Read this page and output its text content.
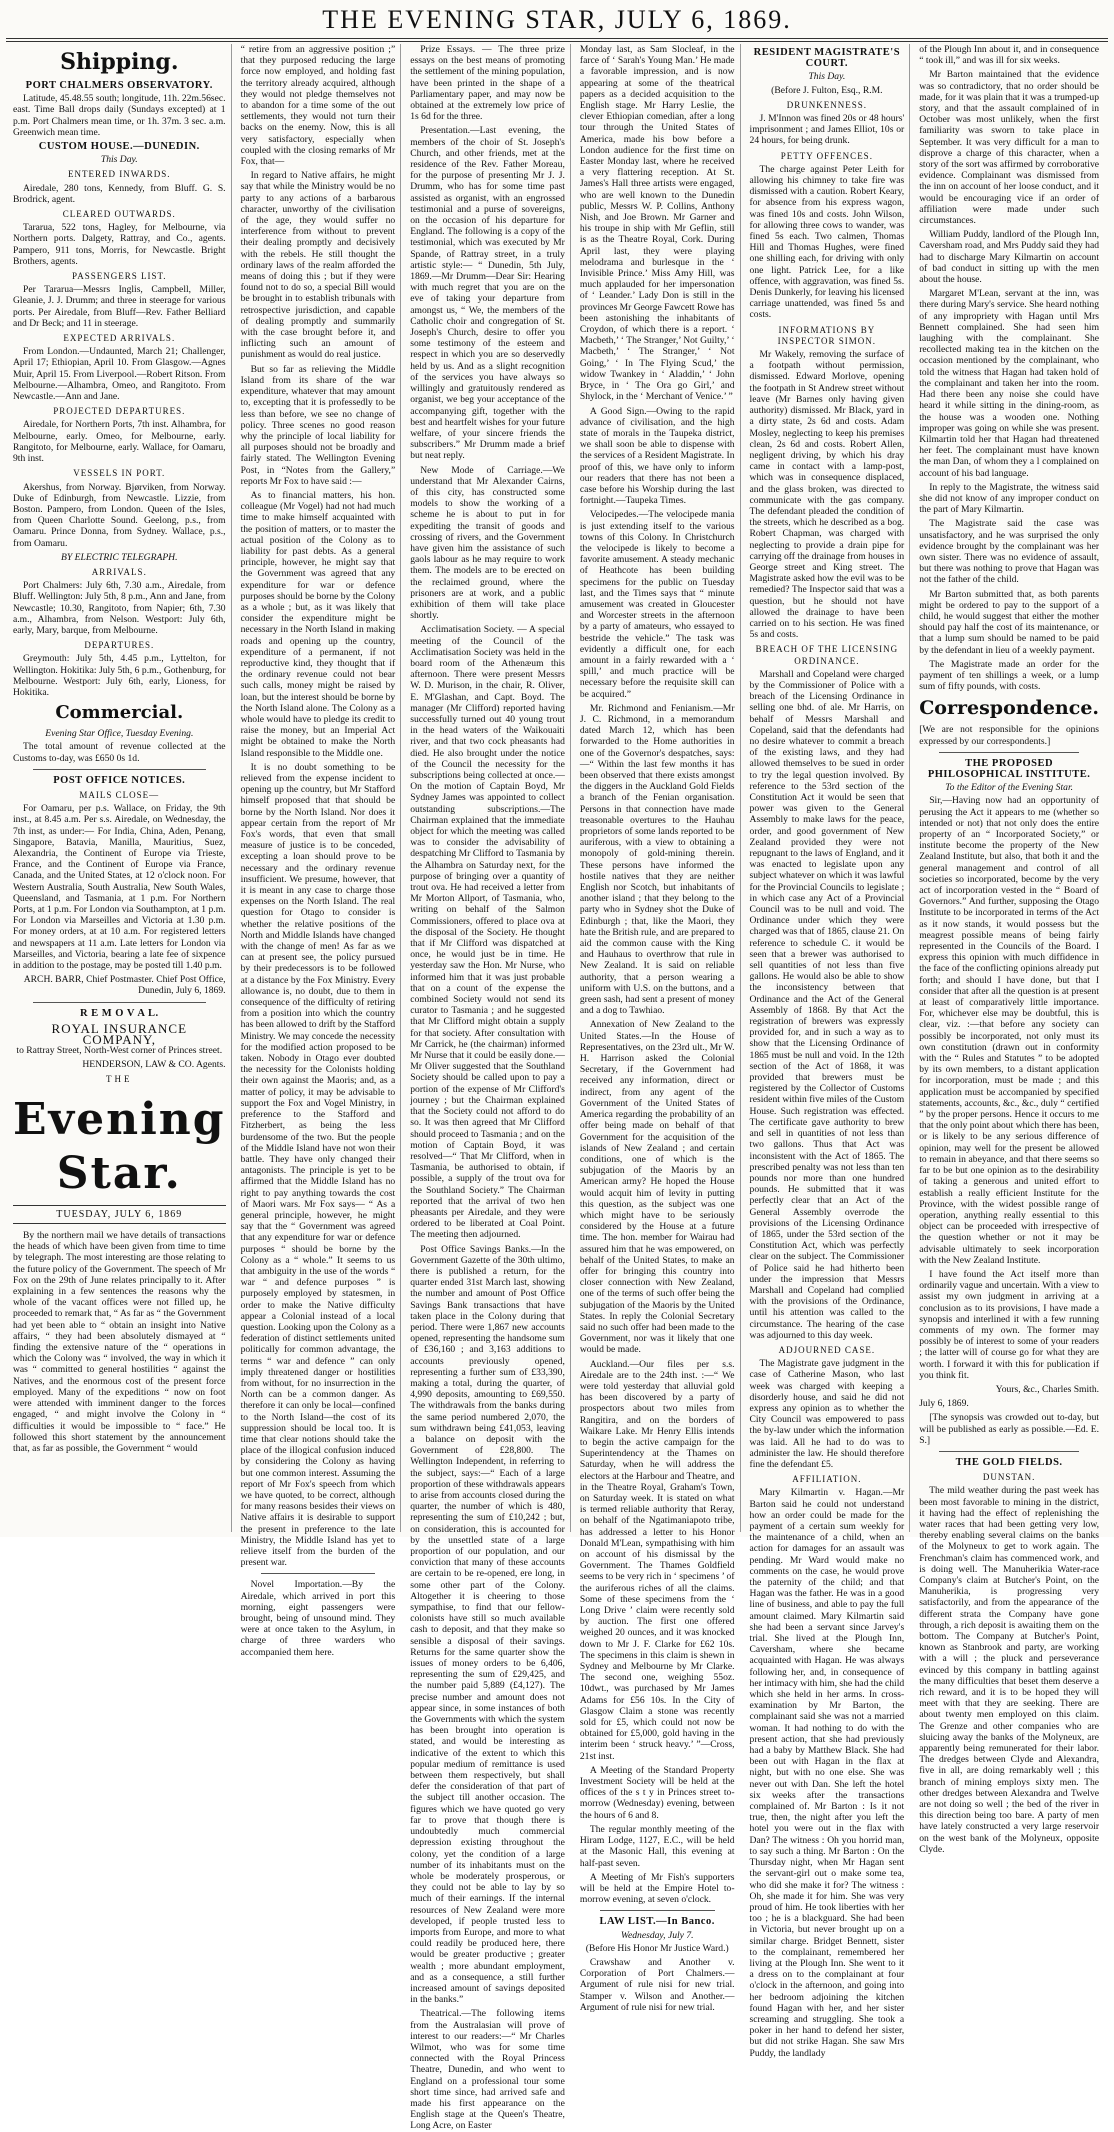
THE EVENING STAR, JULY 6, 1869.
Shipping.
PORT CHALMERS OBSERVATORY.

Latitude, 45.48.55 south; longitude, 11h. 22m.56sec. east. Time Ball drops daily (Sundays excepted) at 1 p.m. Port Chalmers mean time, or 1h. 37m. 3 sec. a.m. Greenwich mean time.

CUSTOM HOUSE.—DUNEDIN.
This Day.
ENTERED INWARDS.

Airedale, 280 tons, Kennedy, from Bluff. G. S. Brodrick, agent.

CLEARED OUTWARDS.

Tararua, 522 tons, Hagley, for Melbourne, via Northern ports. Dalgety, Rattray, and Co., agents. Pampero, 911 tons, Morris, for Newcastle. Bright Brothers, agents.

PASSENGERS LIST.

Per Tararua—Messrs Inglis, Campbell, Miller, Gleanie, J. J. Drumm; and three in steerage for various ports. Per Airedale, from Bluff—Rev. Father Belliard and Dr Beck; and 11 in steerage.

EXPECTED ARRIVALS.

From London.—Undaunted, March 21; Challenger, April 17; Ethiopian, April 10. From Glasgow.—Agnes Muir, April 15. From Liverpool.—Robert Ritson. From Melbourne.—Alhambra, Omeo, and Rangitoto. From Newcastle.—Ann and Jane.

PROJECTED DEPARTURES.

Airedale, for Northern Ports, 7th inst. Alhambra, for Melbourne, early. Omeo, for Melbourne, early. Rangitoto, for Melbourne, early. Wallace, for Oamaru, 9th inst.

VESSELS IN PORT.

Akershus, from Norway. Bjørviken, from Norway. Duke of Edinburgh, from Newcastle. Lizzie, from Boston. Pampero, from London. Queen of the Isles, from Queen Charlotte Sound. Geelong, p.s., from Oamaru. Prince Donna, from Sydney. Wallace, p.s., from Oamaru.

BY ELECTRIC TELEGRAPH.
ARRIVALS.

Port Chalmers: July 6th, 7.30 a.m., Airedale, from Bluff. Wellington: July 5th, 8 p.m., Ann and Jane, from Newcastle; 10.30, Rangitoto, from Napier; 6th, 7.30 a.m., Alhambra, from Nelson. Westport: July 6th, early, Mary, barque, from Melbourne.

DEPARTURES.

Greymouth: July 5th, 4.45 p.m., Lyttelton, for Wellington. Hokitika: July 5th, 6 p.m., Gothenburg, for Melbourne. Westport: July 6th, early, Lioness, for Hokitika.

Commercial.
Evening Star Office, Tuesday Evening.

The total amount of revenue collected at the Customs to-day, was £650 0s 1d.

POST OFFICE NOTICES.
MAILS CLOSE—

For Oamaru, per p.s. Wallace, on Friday, the 9th inst., at 8.45 a.m. Per s.s. Airedale, on Wednesday, the 7th inst, as under:— For India, China, Aden, Penang, Singapore, Batavia, Manilla, Mauritius, Suez, Alexandria, the Continent of Europe via Trieste, France, and the Continent of Europe via France, Canada, and the United States, at 12 o'clock noon. For Western Australia, South Australia, New South Wales, Queensland, and Tasmania, at 1 p.m. For Northern Ports, at 1 p.m. For London via Southampton, at 1 p.m. For London via Marseilles and Victoria at 1.30 p.m. For money orders, at at 10 a.m. For registered letters and newspapers at 11 a.m. Late letters for London via Marseilles, and Victoria, bearing a late fee of sixpence in addition to the postage, may be posted till 1.40 p.m.

ARCH. BARR, Chief Postmaster. Chief Post Office, Dunedin, July 6, 1869.

R E M O V A L.
ROYAL INSURANCE COMPANY,

to Rattray Street, North-West corner of Princes street.

HENDERSON, LAW & CO. Agents.

THE
Evening Star.
TUESDAY, JULY 6, 1869

By the northern mail we have details of transactions the heads of which have been given from time to time by telegraph. The most interesting are those relating to the future policy of the Government. The speech of Mr Fox on the 29th of June relates principally to it. After explaining in a few sentences the reasons why the whole of the vacant offices were not filled up, he proceeded to remark that, “ As far as “ the Government had yet been able to “ obtain an insight into Native affairs, “ they had been absolutely dismayed at “ finding the extensive nature of the “ operations in which the Colony was “ involved, the way in which it was “ committed to general hostilities “ against the Natives, and the enormous cost of the present force employed. Many of the expeditions “ now on foot were attended with imminent danger to the forces engaged, “ and might involve the Colony in “ difficulties it would be impossible to “ face.” He followed this short statement by the announcement that, as far as possible, the Government “ would

“ retire from an aggressive position ;” that they purposed reducing the large force now employed, and holding fast the territory already acquired, although they would not pledge themselves not to abandon for a time some of the out settlements, they would not turn their backs on the enemy. Now, this is all very satisfactory, especially when coupled with the closing remarks of Mr Fox, that—

In regard to Native affairs, he might say that while the Ministry would be no party to any actions of a barbarous character, unworthy of the civilisation of the age, they would suffer no interference from without to prevent their dealing promptly and decisively with the rebels. He still thought the ordinary laws of the realm afforded the means of doing this ; but if they were found not to do so, a special Bill would be brought in to establish tribunals with retrospective jurisdiction, and capable of dealing promptly and summarily with the case brought before it, and inflicting such an amount of punishment as would do real justice.

But so far as relieving the Middle Island from its share of the war expenditure, whatever that may amount to, excepting that it is professedly to be less than before, we see no change of policy. Three scenes no good reason why the principle of local liability for all purposes should not be broadly and fairly stated. The Wellington Evening Post, in “Notes from the Gallery,” reports Mr Fox to have said :—

As to financial matters, his hon. colleague (Mr Vogel) had not had much time to make himself acquainted with the position of matters, or to master the actual position of the Colony as to liability for past debts. As a general principle, however, he might say that the Government was agreed that any expenditure for war or defence purposes should be borne by the Colony as a whole ; but, as it was likely that consider the expenditure might be necessary in the North Island in making roads and opening up the country, expenditure of a permanent, if not reproductive kind, they thought that if the ordinary revenue could not bear such calls, money might be raised by loan, but the interest should be borne by the North Island alone. The Colony as a whole would have to pledge its credit to raise the money, but an Imperial Act might be obtained to make the North Island responsible to the Middle one.

It is no doubt something to be relieved from the expense incident to opening up the country, but Mr Stafford himself proposed that that should be borne by the North Island. Nor does it appear certain from the report of Mr Fox's words, that even that small measure of justice is to be conceded, excepting a loan should prove to be necessary and the ordinary revenue insufficient. We presume, however, that it is meant in any case to charge those expenses on the North Island. The real question for Otago to consider is whether the relative positions of the North and Middle Islands have changed with the change of men! As far as we can at present see, the policy pursued by their predecessors is to be followed at a distance by the Fox Ministry. Every allowance is, no doubt, due to them in consequence of the difficulty of retiring from a position into which the country has been allowed to drift by the Stafford Ministry. We may concede the necessity for the modified action proposed to be taken. Nobody in Otago ever doubted the necessity for the Colonists holding their own against the Maoris; and, as a matter of policy, it may be advisable to support the Fox and Vogel Ministry, in preference to the Stafford and Fitzherbert, as being the less burdensome of the two. But the people of the Middle Island have not won their battle. They have only changed their antagonists. The principle is yet to be affirmed that the Middle Island has no right to pay anything towards the cost of Maori wars. Mr Fox says— “ As a general principle, however, he might say that the “ Government was agreed that any expenditure for war or defence purposes “ should be borne by the Colony as a “ whole.” It seems to us that ambiguity in the use of the words “ war “ and defence purposes ” is purposely employed by statesmen, in order to make the Native difficulty appear a Colonial instead of a local question. Looking upon the Colony as a federation of distinct settlements united politically for common advantage, the terms “ war and defence ” can only imply threatened danger or hostilities from without, for no insurrection in the North can be a common danger. As therefore it can only be local—confined to the North Island—the cost of its suppression should be local too. It is time that clear notions should take the place of the illogical confusion induced by considering the Colony as having but one common interest. Assuming the report of Mr Fox's speech from which we have quoted, to be correct, although for many reasons besides their views on Native affairs it is desirable to support the present in preference to the late Ministry, the Middle Island has yet to relieve itself from the burden of the present war.

Novel Importation.—By the Airedale, which arrived in port this morning, eight passengers were brought, being of unsound mind. They were at once taken to the Asylum, in charge of three warders who accompanied them here.

Prize Essays. — The three prize essays on the best means of promoting the settlement of the mining population, have been printed in the shape of a Parliamentary paper, and may now be obtained at the extremely low price of 1s 6d for the three.

Presentation.—Last evening, the members of the choir of St. Joseph's Church, and other friends, met at the residence of the Rev. Father Moreau, for the purpose of presenting Mr J. J. Drumm, who has for some time past assisted as organist, with an engrossed testimonial and a purse of sovereigns, on the occasion of his departure for England. The following is a copy of the testimonial, which was executed by Mr Spande, of Rattray street, in a truly artistic style:— “ Dunedin, 5th July, 1869.—Mr Drumm—Dear Sir: Hearing with much regret that you are on the eve of taking your departure from amongst us, “ We, the members of the Catholic choir and congregation of St. Joseph's Church, desire to offer you some testimony of the esteem and respect in which you are so deservedly held by us. And as a slight recognition of the services you have always so willingly and gratuitously rendered as organist, we beg your acceptance of the accompanying gift, together with the best and heartfelt wishes for your future welfare, of your sincere friends the subscribers.” Mr Drumm made a brief but neat reply.

New Mode of Carriage.—We understand that Mr Alexander Cairns, of this city, has constructed some models to show the working of a scheme he is about to put in for expediting the transit of goods and crossing of rivers, and the Government have given him the assistance of such gaols labour as he may require to work them. The models are to be erected on the reclaimed ground, where the prisoners are at work, and a public exhibition of them will take place shortly.

Acclimatisation Society. — A special meeting of the Council of the Acclimatisation Society was held in the board room of the Athenæum this afternoon. There were present Messrs W. D. Murison, in the chair, R. Oliver, E. M'Glashan, and Capt. Boyd. The manager (Mr Clifford) reported having successfully turned out 40 young trout in the head waters of the Waikouaiti river, and that two cock pheasants had died. He also brought under the notice of the Council the necessity for the subscriptions being collected at once.—On the motion of Captain Boyd, Mr Sydney James was appointed to collect outstanding subscriptions.—The Chairman explained that the immediate object for which the meeting was called was to consider the advisability of despatching Mr Clifford to Tasmania by the Alhambra on Saturday next, for the purpose of bringing over a quantity of trout ova. He had received a letter from Mr Morton Allport, of Tasmania, who, writing on behalf of the Salmon Commissioners, offered to place ova at the disposal of the Society. He thought that if Mr Clifford was dispatched at once, he would just be in time. He yesterday saw the Hon. Mr Nurse, who informed him that it was just probable that on a count of the expense the combined Society would not send its curator to Tasmania ; and he suggested that Mr Clifford might obtain a supply for that society. After consultation with Mr Carrick, he (the chairman) informed Mr Nurse that it could be easily done.—Mr Oliver suggested that the Southland Society should be called upon to pay a portion of the expense of Mr Clifford's journey ; but the Chairman explained that the Society could not afford to do so. It was then agreed that Mr Clifford should proceed to Tasmania ; and on the motion of Captain Boyd, it was resolved—“ That Mr Clifford, when in Tasmania, be authorised to obtain, if possible, a supply of the trout ova for the Southland Society.” The Chairman reported that the arrival of two hen pheasants per Airedale, and they were ordered to be liberated at Coal Point. The meeting then adjourned.

Post Office Savings Banks.—In the Government Gazette of the 30th ultimo, there is published a return, for the quarter ended 31st March last, showing the number and amount of Post Office Savings Bank transactions that have taken place in the Colony during that period. There were 1,867 new accounts opened, representing the handsome sum of £36,160 ; and 3,163 additions to accounts previously opened, representing a further sum of £33,390, making a total, during the quarter, of 4,990 deposits, amounting to £69,550. The withdrawals from the banks during the same period numbered 2,070, the sum withdrawn being £41,053, leaving a balance on deposit with the Government of £28,800. The Wellington Independent, in referring to the subject, says:—“ Each of a large proportion of these withdrawals appears to arise from accounts closed during the quarter, the number of which is 480, representing the sum of £10,242 ; but, on consideration, this is accounted for by the unsettled state of a large proportion of our population, and our conviction that many of these accounts are certain to be re-opened, ere long, in some other part of the Colony. Altogether it is cheering to those sympathise, to find that our fellow-colonists have still so much available cash to deposit, and that they make so sensible a disposal of their savings. Returns for the same quarter show the issues of money orders to be 6,406, representing the sum of £29,425, and the number paid 5,889 (£4,127). The precise number and amount does not appear since, in some instances of both the Governments with which the system has been brought into operation is stated, and would be interesting as indicative of the extent to which this popular medium of remittance is used between them respectively, but shall defer the consideration of that part of the subject till another occasion. The figures which we have quoted go very far to prove that though there is undoubtedly much commercial depression existing throughout the colony, yet the condition of a large number of its inhabitants must on the whole be moderately prosperous, or they could not be able to lay by so much of their earnings. If the internal resources of New Zealand were more developed, if people trusted less to imports from Europe, and more to what could readily be produced here, there would be greater productive ; greater wealth ; more abundant employment, and as a consequence, a still further increased amount of savings deposited in the banks.”

Theatrical.—The following items from the Australasian will prove of interest to our readers:—“ Mr Charles Wilmot, who was for some time connected with the Royal Princess Theatre, Dunedin, and who went to England on a professional tour some short time since, had arrived safe and made his first appearance on the English stage at the Queen's Theatre, Long Acre, on Easter

Monday last, as Sam Slocleaf, in the farce of ‘ Sarah's Young Man.’ He made a favorable impression, and is now appearing at some of the theatrical papers as a decided acquisition to the English stage. Mr Harry Leslie, the clever Ethiopian comedian, after a long tour through the United States of America, made his bow before a London audience for the first time on Easter Monday last, where he received a very flattering reception. At St. James's Hall three artists were engaged, who are well known to the Dunedin public, Messrs W. P. Collins, Anthony Nish, and Joe Brown. Mr Garner and his troupe in ship with Mr Geflin, still is as the Theatre Royal, Cork. During April last, they were playing melodrama and burlesque in the ‘ Invisible Prince.’ Miss Amy Hill, was much applauded for her impersonation of ‘ Leander.’ Lady Don is still in the provinces Mr George Fawcett Rowe has been astonishing the inhabitants of Croydon, of which there is a report. ‘ Macbeth,’ ‘ The Stranger,’ Not Guilty,’ ‘ Macbeth,’ ‘ The Stranger,’ ‘ Not Going,’ ‘ In The Flying Scud,’ the widow Twankey in ‘ Aladdin,’ ‘ John Bryce, in ‘ The Ora go Girl,’ and Shylock, in the ‘ Merchant of Venice.’ ”

A Good Sign.—Owing to the rapid advance of civilisation, and the high state of morals in the Taupeka district, we shall soon be able to dispense with the services of a Resident Magistrate. In proof of this, we have only to inform our readers that there has not been a case before his Worship during the last fortnight.—Taupeka Times.

Velocipedes.—The velocipede mania is just extending itself to the various towns of this Colony. In Christchurch the velocipede is likely to become a favorite amusement. A steady mechanic of Heathcote has been building specimens for the public on Tuesday last, and the Times says that “ minute amusement was created in Gloucester and Worcester streets in the afternoon by a party of amateurs, who essayed to bestride the vehicle.” The task was evidently a difficult one, for each amount in a fairly rewarded with a ‘ spill,’ and much practice will be necessary before the requisite skill can be acquired.”

Mr. Richmond and Fenianism.—Mr J. C. Richmond, in a memorandum dated March 12, which has been forwarded to the Home authorities in one of the Governor's despatches, says:—“ Within the last few months it has been observed that there exists amongst the diggers in the Auckland Gold Fields a branch of the Fenian organisation. Persons in that connection have made treasonable overtures to the Hauhau proprietors of some lands reported to be auriferous, with a view to obtaining a monopoly of gold-mining therein. These persons have informed the hostile natives that they are neither English nor Scotch, but inhabitants of another island ; that they belong to the party who in Sydney shot the Duke of Edinburgh ; that, like the Maori, they hate the British rule, and are prepared to aid the common cause with the King and Hauhaus to overthrow that rule in New Zealand. It is said on reliable authority, that a person wearing a uniform with U.S. on the buttons, and a green sash, had sent a present of money and a dog to Tawhiao.

Annexation of New Zealand to the United States.—In the House of Representatives, on the 23rd ult., Mr W. H. Harrison asked the Colonial Secretary, if the Government had received any information, direct or indirect, from any agent of the Government of the United States of America regarding the probability of an offer being made on behalf of that Government for the acquisition of the islands of New Zealand ; and certain conditions, one of which is the subjugation of the Maoris by an American army? He hoped the House would acquit him of levity in putting this question, as the subject was one which might have to be seriously considered by the House at a future time. The hon. member for Wairau had assured him that he was empowered, on behalf of the United States, to make an offer for bringing this country into closer connection with New Zealand, one of the terms of such offer being the subjugation of the Maoris by the United States. In reply the Colonial Secretary said no such offer had been made to the Government, nor was it likely that one would be made.

Auckland.—Our files per s.s. Airedale are to the 24th inst. :—“ We were told yesterday that alluvial gold has been discovered by a party of prospectors about two miles from Rangitira, and on the borders of Waikare Lake. Mr Henry Ellis intends to begin the active campaign for the Superintendency at the Thames on Saturday, when he will address the electors at the Harbour and Theatre, and in the Theatre Royal, Graham's Town, on Saturday week. It is stated on what is termed reliable authority that Reray, on behalf of the Ngatimaniapoto tribe, has addressed a letter to his Honor Donald M'Lean, sympathising with him on account of his dismissal by the Government. The Thames Goldfield seems to be very rich in ‘ specimens ’ of the auriferous riches of all the claims. Some of these specimens from the ‘ Long Drive ’ claim were recently sold by auction. The first one offered weighed 20 ounces, and it was knocked down to Mr J. F. Clarke for £62 10s. The specimens in this claim is shewn in Sydney and Melbourne by Mr Clarke. The second one, weighing 55oz. 10dwt., was purchased by Mr James Adams for £56 10s. In the City of Glasgow Claim a stone was recently sold for £5, which could not now be obtained for £5,000, gold having in the interim been ‘ struck heavy.’ ”—Cross, 21st inst.

A Meeting of the Standard Property Investment Society will be held at the offices of the s t y in Princes street to-morrow (Wednesday) evening, between the hours of 6 and 8.

The regular monthly meeting of the Hiram Lodge, 1127, E.C., will be held at the Masonic Hall, this evening at half-past seven.

A Meeting of Mr Fish's supporters will be held at the Empire Hotel to-morrow evening, at seven o'clock.

LAW LIST.—In Banco.
Wednesday, July 7.

(Before His Honor Mr Justice Ward.)

Crawshaw and Another v. Corporation of Port Chalmers.—Argument of rule nisi for new trial. Stamper v. Wilson and Another.—Argument of rule nisi for new trial.

RESIDENT MAGISTRATE'S COURT.
This Day.

(Before J. Fulton, Esq., R.M.

DRUNKENNESS.

J. M'Innon was fined 20s or 48 hours' imprisonment ; and James Elliot, 10s or 24 hours, for being drunk.

PETTY OFFENCES.

The charge against Peter Leith for allowing his chimney to take fire was dismissed with a caution. Robert Keary, for absence from his express wagon, was fined 10s and costs. John Wilson, for allowing three cows to wander, was fined 5s each. Two calmen, Thomas Hill and Thomas Hughes, were fined one shilling each, for driving with only one light. Patrick Lee, for a like offence, with aggravation, was fined 5s. Denis Dunkerly, for leaving his licensed carriage unattended, was fined 5s and costs.

INFORMATIONS BY INSPECTOR SIMON.

Mr Wakely, removing the surface of a footpath without permission, dismissed. Edward Morlove, opening the footpath in St Andrew street without leave (Mr Barnes only having given authority) dismissed. Mr Black, yard in a dirty state, 2s 6d and costs. Adam Mosley, neglecting to keep his premises clean, 2s 6d and costs. Robert Allen, negligent driving, by which his dray came in contact with a lamp-post, which was in consequence displaced, and the glass broken, was directed to communicate with the gas company. The defendant pleaded the condition of the streets, which he described as a bog. Robert Chapman, was charged with neglecting to provide a drain pipe for carrying off the drainage from houses in George street and King street. The Magistrate asked how the evil was to be remedied? The Inspector said that was a question, but he should not have allowed the drainage to have been carried on to his section. He was fined 5s and costs.

BREACH OF THE LICENSING ORDINANCE.

Marshall and Copeland were charged by the Commissioner of Police with a breach of the Licensing Ordinance in selling one bhd. of ale. Mr Harris, on behalf of Messrs Marshall and Copeland, said that the defendants had no desire whatever to commit a breach of the existing laws, and they had allowed themselves to be sued in order to try the legal question involved. By reference to the 53rd section of the Constitution Act it would be seen that power was given to the General Assembly to make laws for the peace, order, and good government of New Zealand provided they were not repugnant to the laws of England, and it was enacted to legislate upon any subject whatever on which it was lawful for the Provincial Councils to legislate ; in which case any Act of a Provincial Council was to be null and void. The Ordinance under which they were charged was that of 1865, clause 21. On reference to schedule C. it would be seen that a brewer was authorised to sell quantities of not less than five gallons. He would also be able to show the inconsistency between that Ordinance and the Act of the General Assembly of 1868. By that Act the registration of brewers was expressly provided for, and in such a way as to show that the Licensing Ordinance of 1865 must be null and void. In the 12th section of the Act of 1868, it was provided that brewers must be registered by the Collector of Customs resident within five miles of the Custom House. Such registration was effected. The certificate gave authority to brew and sell in quantities of not less than two gallons. Thus that Act was inconsistent with the Act of 1865. The prescribed penalty was not less than ten pounds nor more than one hundred pounds. He submitted that it was perfectly clear that an Act of the General Assembly overrode the provisions of the Licensing Ordinance of 1865, under the 53rd section of the Constitution Act, which was perfectly clear on the subject. The Commissioner of Police said he had hitherto been under the impression that Messrs Marshall and Copeland had complied with the provisions of the Ordinance, until his attention was called to the circumstance. The hearing of the case was adjourned to this day week.

ADJOURNED CASE.

The Magistrate gave judgment in the case of Catherine Mason, who last week was charged with keeping a disorderly house, and said he did not express any opinion as to whether the City Council was empowered to pass the by-law under which the information was laid. All he had to do was to administer the law. He should therefore fine the defendant £5.

AFFILIATION.

Mary Kilmartin v. Hagan.—Mr Barton said he could not understand how an order could be made for the payment of a certain sum weekly for the maintenance of a child, when an action for damages for an assault was pending. Mr Ward would make no comments on the case, he would prove the paternity of the child; and that Hagan was the father. He was in a good line of business, and able to pay the full amount claimed. Mary Kilmartin said she had been a servant since Jarvey's trial. She lived at the Plough Inn, Caversham, where she became acquainted with Hagan. He was always following her, and, in consequence of her intimacy with him, she had the child which she held in her arms. In cross-examination by Mr Barton, the complainant said she was not a married woman. It had nothing to do with the present action, that she had previously had a baby by Matthew Black. She had been out with Hagan in the flax at night, but with no one else. She was never out with Dan. She left the hotel six weeks after the transactions complained of. Mr Barton : Is it not true, then, the night after you left the hotel you were out in the flax with Dan? The witness : Oh you horrid man, to say such a thing. Mr Barton : On the Thursday night, when Mr Hagan sent the servant-girl out o make some tea, who did she make it for? The witness : Oh, she made it for him. She was very proud of him. He took liberties with her too ; he is a blackguard. She had been in Victoria, but never brought up on a similar charge. Bridget Bennett, sister to the complainant, remembered her living at the Plough Inn. She went to it a dress on to the complainant at four o'clock in the afternoon, and going into her bedroom adjoining the kitchen found Hagan with her, and her sister screaming and struggling. She took a poker in her hand to defend her sister, but did not strike Hagan. She saw Mrs Puddy, the landlady

of the Plough Inn about it, and in consequence “ took ill,” and was ill for six weeks.

Mr Barton maintained that the evidence was so contradictory, that no order should be made, for it was plain that it was a trumped-up story, and that the assault complained of in October was most unlikely, when the first familiarity was sworn to take place in September. It was very difficult for a man to disprove a charge of this character, when a story of the sort was affirmed by corroborative evidence. Complainant was dismissed from the inn on account of her loose conduct, and it would be encouraging vice if an order of affiliation were made under such circumstances.

William Puddy, landlord of the Plough Inn, Caversham road, and Mrs Puddy said they had had to discharge Mary Kilmartin on account of bad conduct in sitting up with the men about the house.

Margaret M'Lean, servant at the inn, was there during Mary's service. She heard nothing of any impropriety with Hagan until Mrs Bennett complained. She had seen him laughing with the complainant. She recollected making tea in the kitchen on the occasion mentioned by the complainant, who told the witness that Hagan had taken hold of the complainant and taken her into the room. Had there been any noise she could have heard it while sitting in the dining-room, as the house was a wooden one. Nothing improper was going on while she was present. Kilmartin told her that Hagan had threatened her feet. The complainant must have known the man Dan, of whom they a l complained on account of his bad language.

In reply to the Magistrate, the witness said she did not know of any improper conduct on the part of Mary Kilmartin.

The Magistrate said the case was unsatisfactory, and he was surprised the only evidence brought by the complainant was her own sister. There was no evidence of assault, but there was nothing to prove that Hagan was not the father of the child.

Mr Barton submitted that, as both parents might be ordered to pay to the support of a child, he would suggest that either the mother should pay half the cost of its maintenance, or that a lump sum should be named to be paid by the defendant in lieu of a weekly payment.

The Magistrate made an order for the payment of ten shillings a week, or a lump sum of fifty pounds, with costs.

Correspondence.

[We are not responsible for the opinions expressed by our correspondents.]

THE PROPOSED PHILOSOPHICAL INSTITUTE.
To the Editor of the Evening Star.

Sir,—Having now had an opportunity of perusing the Act it appears to me (whether so intended or not) that not only does the entire property of an “ Incorporated Society,” or institute become the property of the New Zealand Institute, but also, that both it and the general management and control of all societies so incorporated, become by the very act of incorporation vested in the “ Board of Governors.” And further, supposing the Otago Institute to be incorporated in terms of the Act as it now stands, it would possess but the meagrest possible means of being fairly represented in the Councils of the Board. I express this opinion with much diffidence in the face of the conflicting opinions already put forth; and should I have done, but that I consider that after all the question is at present at least of comparatively little importance. For, whichever else may be doubtful, this is clear, viz. :—that before any society can possibly be incorporated, not only must its own constitution (drawn out in conformity with the “ Rules and Statutes ” to be adopted by its own members, to a distant application for incorporation, must be made ; and this application must be accompanied by specified statements, accounts, &c., &c., duly “ certified ” by the proper persons. Hence it occurs to me that the only point about which there has been, or is likely to be any serious difference of opinion, may well for the present be allowed to remain in abeyance, and that there seems so far to be but one opinion as to the desirability of taking a generous and united effort to establish a really efficient Institute for the Province, with the widest possible range of operation, anything really essential to this object can be proceeded with irrespective of the question whether or not it may be advisable ultimately to seek incorporation with the New Zealand Institute.

I have found the Act itself more than ordinarily vague and uncertain. With a view to assist my own judgment in arriving at a conclusion as to its provisions, I have made a synopsis and interlined it with a few running comments of my own. The former may possibly be of interest to some of your readers ; the latter will of course go for what they are worth. I forward it with this for publication if you think fit.

Yours, &c., Charles Smith.

July 6, 1869.

[The synopsis was crowded out to-day, but will be published as early as possible.—Ed. E. S.]

THE GOLD FIELDS.
DUNSTAN.

The mild weather during the past week has been most favorable to mining in the district, it having had the effect of replenishing the water races that had been getting very low, thereby enabling several claims on the banks of the Molyneux to get to work again. The Frenchman's claim has commenced work, and is doing well. The Manuherikia Water-race Company's claim at Butcher's Point, on the Manuherikia, is progressing very satisfactorily, and from the appearance of the different strata the Company have gone through, a rich deposit is awaiting them on the bottom. The Company at Butcher's Point, known as Stanbrook and party, are working with a will ; the pluck and perseverance evinced by this company in battling against the many difficulties that beset them deserve a rich reward, and it is to be hoped they will meet with that they are seeking. There are about twenty men employed on this claim. The Grenze and other companies who are sluicing away the banks of the Molyneux, are apparently being remunerated for their labor. The dredges between Clyde and Alexandra, five in all, are doing remarkably well ; this branch of mining employs sixty men. The other dredges between Alexandra and Twelve are not doing so well ; the bed of the river in this direction being too bare. A party of men have lately constructed a very large reservoir on the west bank of the Molyneux, opposite Clyde.
